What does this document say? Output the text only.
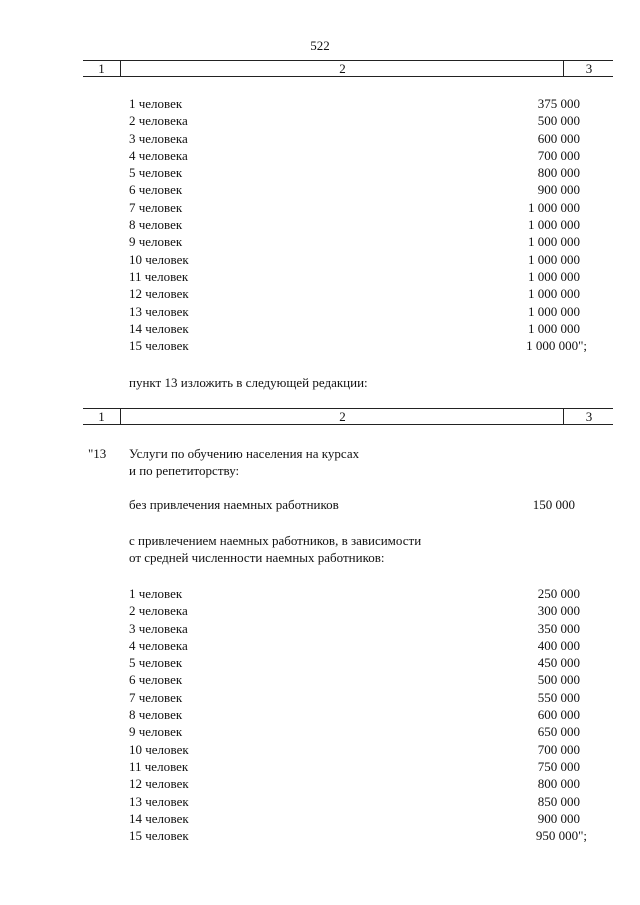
522
1	2	3
1 человек	375 000
2 человека	500 000
3 человека	600 000
4 человека	700 000
5 человек	800 000
6 человек	900 000
7 человек	1 000 000
8 человек	1 000 000
9 человек	1 000 000
10 человек	1 000 000
11 человек	1 000 000
12 человек	1 000 000
13 человек	1 000 000
14 человек	1 000 000
15 человек	1 000 000";
пункт 13 изложить в следующей редакции:
1	2	3
"13 Услуги по обучению населения на курсах
и по репетиторству:
без привлечения наемных работников	150 000
с привлечением наемных работников, в зависимости
от средней численности наемных работников:
1 человек	250 000
2 человека	300 000
3 человека	350 000
4 человека	400 000
5 человек	450 000
6 человек	500 000
7 человек	550 000
8 человек	600 000
9 человек	650 000
10 человек	700 000
11 человек	750 000
12 человек	800 000
13 человек	850 000
14 человек	900 000
15 человек	950 000";
